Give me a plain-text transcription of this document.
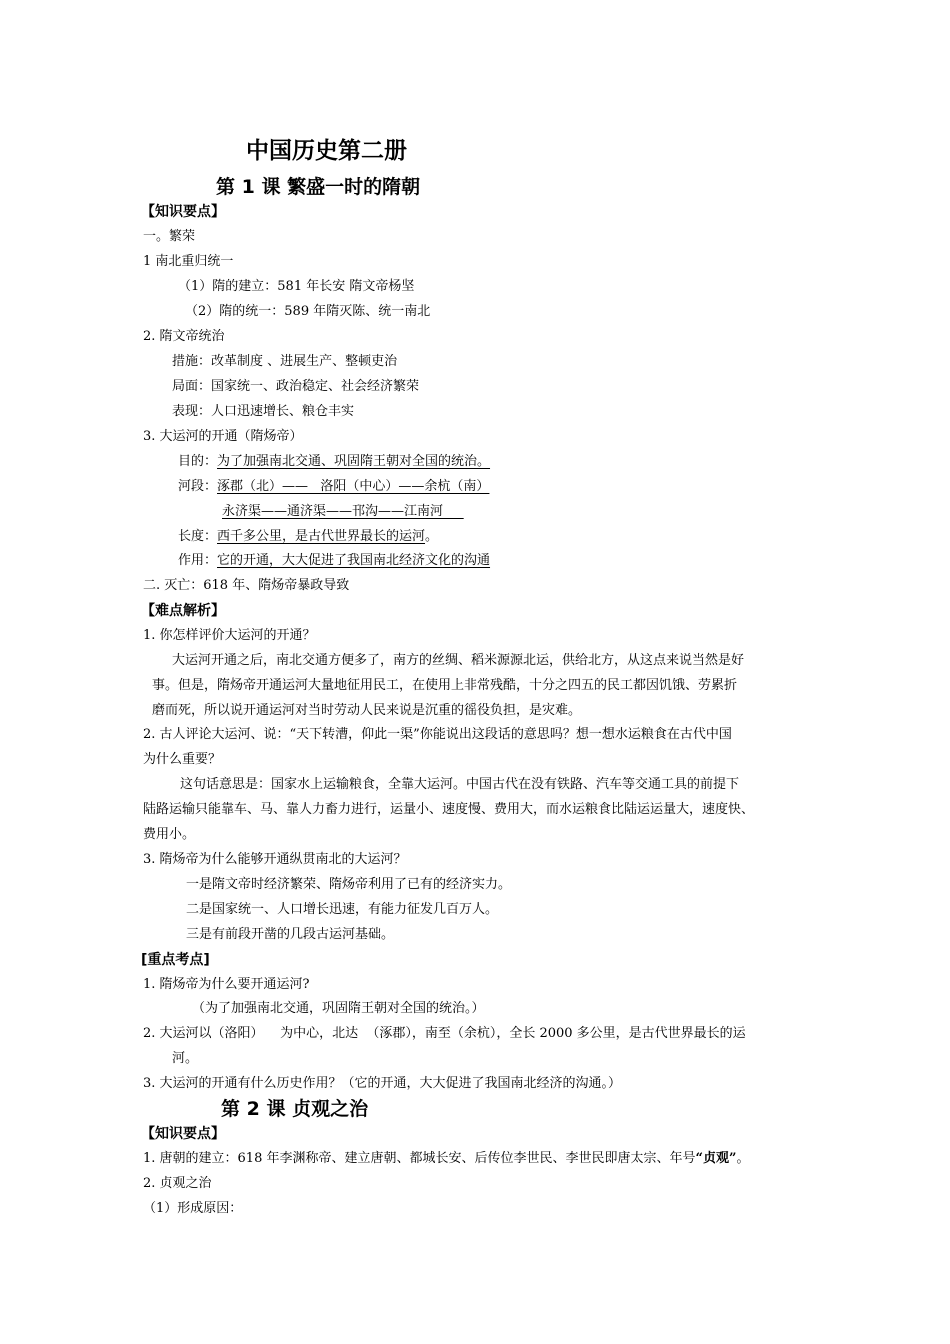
中国历史第二册
第 1 课 繁盛一时的隋朝
【知识要点】
一。繁荣
1 南北重归统一
（1）隋的建立：581 年长安 隋文帝杨坚
（2）隋的统一：589 年隋灭陈、统一南北
2. 隋文帝统治
措施：改革制度 、进展生产、整顿吏治
局面：国家统一、政治稳定、社会经济繁荣
表现：人口迅速增长、粮仓丰实
3. 大运河的开通（隋炀帝）
目的：为了加强南北交通、巩固隋王朝对全国的统治。
河段：涿郡（北）——   洛阳（中心）——余杭（南）
永济渠——通济渠——邗沟——江南河
长度：西千多公里，是古代世界最长的运河。
作用：它的开通，大大促进了我国南北经济文化的沟通
二. 灭亡：618 年、隋炀帝暴政导致
【难点解析】
1. 你怎样评价大运河的开通？
大运河开通之后，南北交通方便多了，南方的丝绸、稻米源源北运，供给北方，从这点来说当然是好
事。但是，隋炀帝开通运河大量地征用民工，在使用上非常残酷，十分之四五的民工都因饥饿、劳累折
磨而死，所以说开通运河对当时劳动人民来说是沉重的徭役负担，是灾难。
2. 古人评论大运河、说：“天下转漕，仰此一渠”你能说出这段话的意思吗？想一想水运粮食在古代中国
为什么重要？
这句话意思是：国家水上运输粮食，全靠大运河。中国古代在没有铁路、汽车等交通工具的前提下
陆路运输只能靠车、马、靠人力畜力进行，运量小、速度慢、费用大，而水运粮食比陆运运量大，速度快、
费用小。
3. 隋炀帝为什么能够开通纵贯南北的大运河？
一是隋文帝时经济繁荣、隋炀帝利用了已有的经济实力。
二是国家统一、人口增长迅速，有能力征发几百万人。
三是有前段开凿的几段古运河基础。
[重点考点]
1. 隋炀帝为什么要开通运河?
（为了加强南北交通，巩固隋王朝对全国的统治。）
2. 大运河以（洛阳）    为中心，北达  （涿郡），南至（余杭），全长 2000 多公里，是古代世界最长的运
河。
3. 大运河的开通有什么历史作用？（它的开通，大大促进了我国南北经济的沟通。）
第 2 课 贞观之治
【知识要点】
1. 唐朝的建立：618 年李渊称帝、建立唐朝、都城长安、后传位李世民、李世民即唐太宗、年号“贞观”。
2. 贞观之治
（1）形成原因：
